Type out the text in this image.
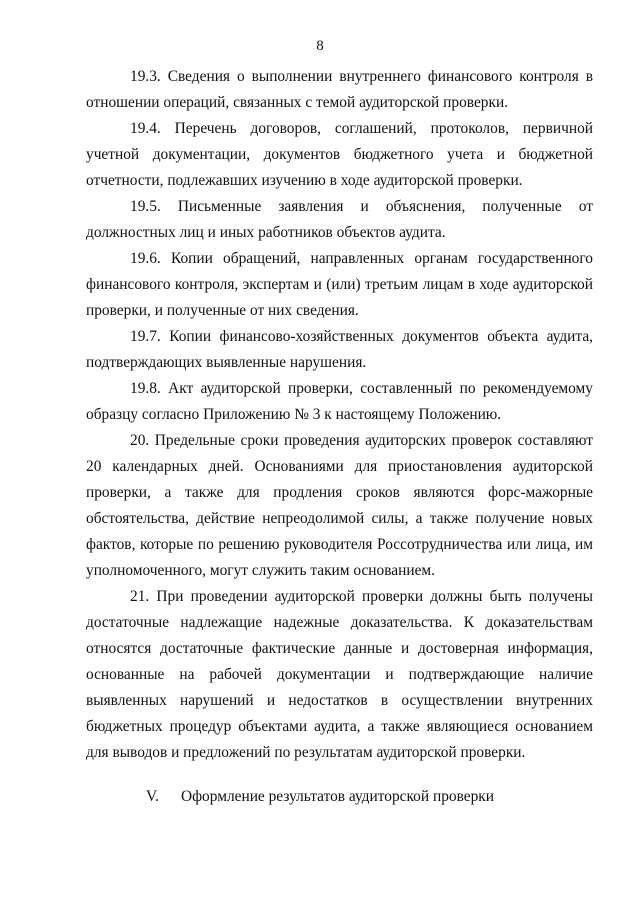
8

19.3. Сведения о выполнении внутреннего финансового контроля в отношении операций, связанных с темой аудиторской проверки.

19.4. Перечень договоров, соглашений, протоколов, первичной учетной документации, документов бюджетного учета и бюджетной отчетности, подлежавших изучению в ходе аудиторской проверки.

19.5. Письменные заявления и объяснения, полученные от должностных лиц и иных работников объектов аудита.

19.6. Копии обращений, направленных органам государственного финансового контроля, экспертам и (или) третьим лицам в ходе аудиторской проверки, и полученные от них сведения.

19.7. Копии финансово-хозяйственных документов объекта аудита, подтверждающих выявленные нарушения.

19.8. Акт аудиторской проверки, составленный по рекомендуемому образцу согласно Приложению № 3 к настоящему Положению.

20. Предельные сроки проведения аудиторских проверок составляют 20 календарных дней. Основаниями для приостановления аудиторской проверки, а также для продления сроков являются форс-мажорные обстоятельства, действие непреодолимой силы, а также получение новых фактов, которые по решению руководителя Россотрудничества или лица, им уполномоченного, могут служить таким основанием.

21. При проведении аудиторской проверки должны быть получены достаточные надлежащие надежные доказательства. К доказательствам относятся достаточные фактические данные и достоверная информация, основанные на рабочей документации и подтверждающие наличие выявленных нарушений и недостатков в осуществлении внутренних бюджетных процедур объектами аудита, а также являющиеся основанием для выводов и предложений по результатам аудиторской проверки.

V. Оформление результатов аудиторской проверки
